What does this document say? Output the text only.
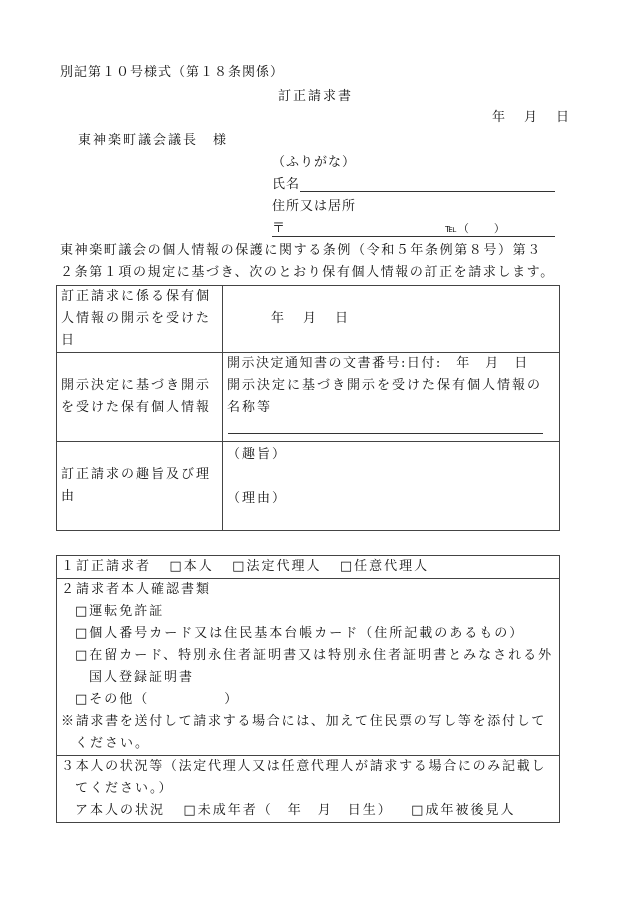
別記第１０号様式（第１８条関係）
訂正請求書
年　月　日
東神楽町議会議長　様
（ふりがな）
氏名
住所又は居所
〒	℡（　　）
東神楽町議会の個人情報の保護に関する条例（令和５年条例第８号）第３
２条第１項の規定に基づき、次のとおり保有個人情報の訂正を請求します。
訂正請求に係る保有個
人情報の開示を受けた
日	年　月　日

開示決定に基づき開示
を受けた保有個人情報	開示決定通知書の文書番号:日付:　年　月　日
開示決定に基づき開示を受けた保有個人情報の
名称等

訂正請求の趣旨及び理
由	（趣旨）
（理由）
１訂正請求者 □本人 □法定代理人 □任意代理人

２請求者本人確認書類
□運転免許証
□個人番号カード又は住民基本台帳カード（住所記載のあるもの）
□在留カード、特別永住者証明書又は特別永住者証明書とみなされる外
国人登録証明書
□その他（　　　　　）
※請求書を送付して請求する場合には、加えて住民票の写し等を添付して
ください。

３本人の状況等（法定代理人又は任意代理人が請求する場合にのみ記載し
てください。）
ア本人の状況 □未成年者（　年　月　日生） □成年被後見人
